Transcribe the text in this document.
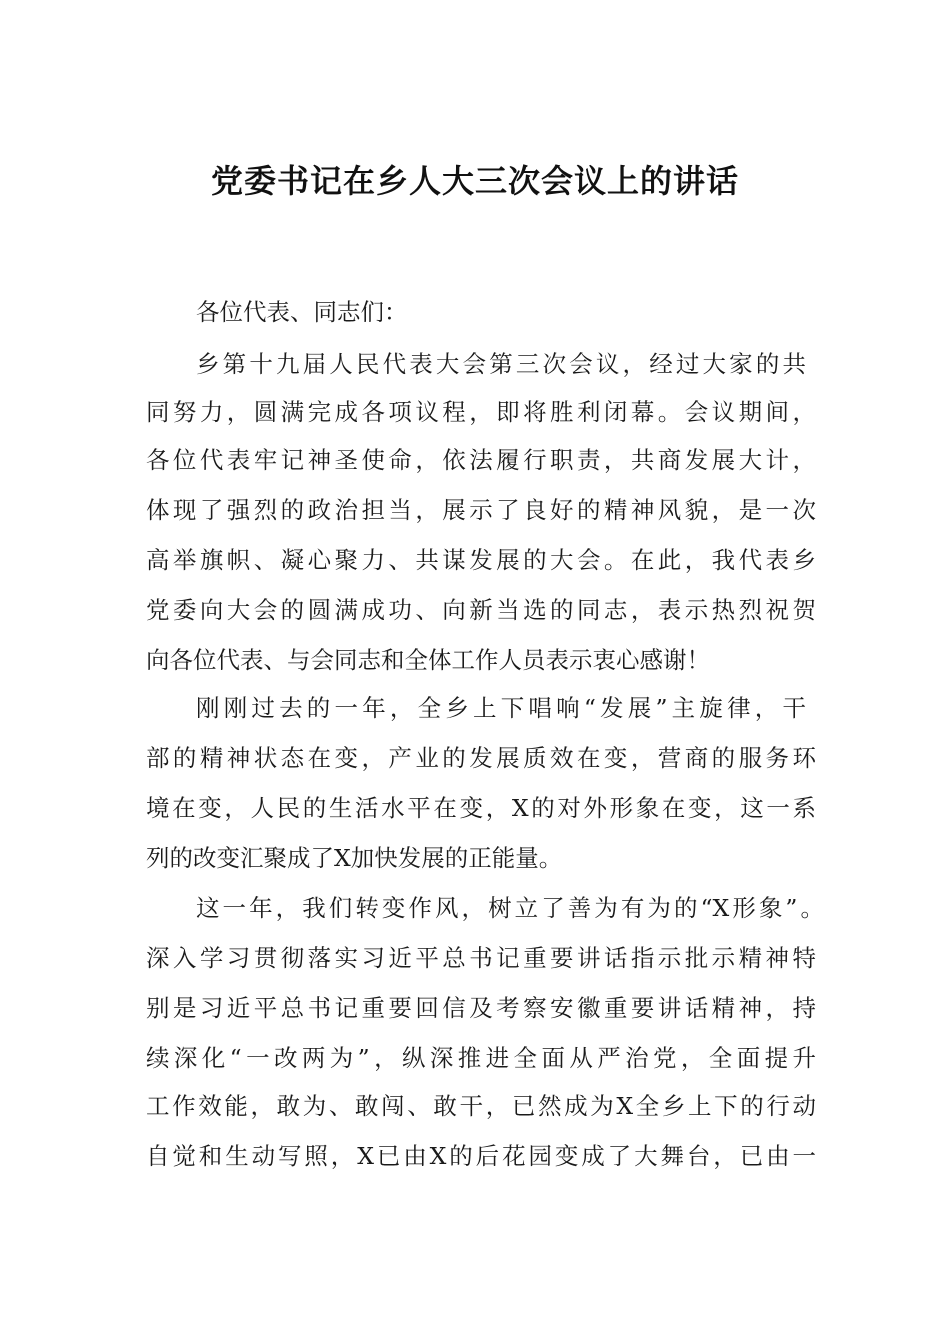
党委书记在乡人大三次会议上的讲话
各位代表、同志们：
乡第十九届人民代表大会第三次会议，经过大家的共
同努力，圆满完成各项议程，即将胜利闭幕。会议期间，
各位代表牢记神圣使命，依法履行职责，共商发展大计，
体现了强烈的政治担当，展示了良好的精神风貌，是一次
高举旗帜、凝心聚力、共谋发展的大会。在此，我代表乡
党委向大会的圆满成功、向新当选的同志，表示热烈祝贺
向各位代表、与会同志和全体工作人员表示衷心感谢！
刚刚过去的一年，全乡上下唱响“发展”主旋律，干
部的精神状态在变，产业的发展质效在变，营商的服务环
境在变，人民的生活水平在变，X的对外形象在变，这一系
列的改变汇聚成了X加快发展的正能量。
这一年，我们转变作风，树立了善为有为的“X形象”。
深入学习贯彻落实习近平总书记重要讲话指示批示精神特
别是习近平总书记重要回信及考察安徽重要讲话精神，持
续深化“一改两为”，纵深推进全面从严治党，全面提升
工作效能，敢为、敢闯、敢干，已然成为X全乡上下的行动
自觉和生动写照，X已由X的后花园变成了大舞台，已由一
